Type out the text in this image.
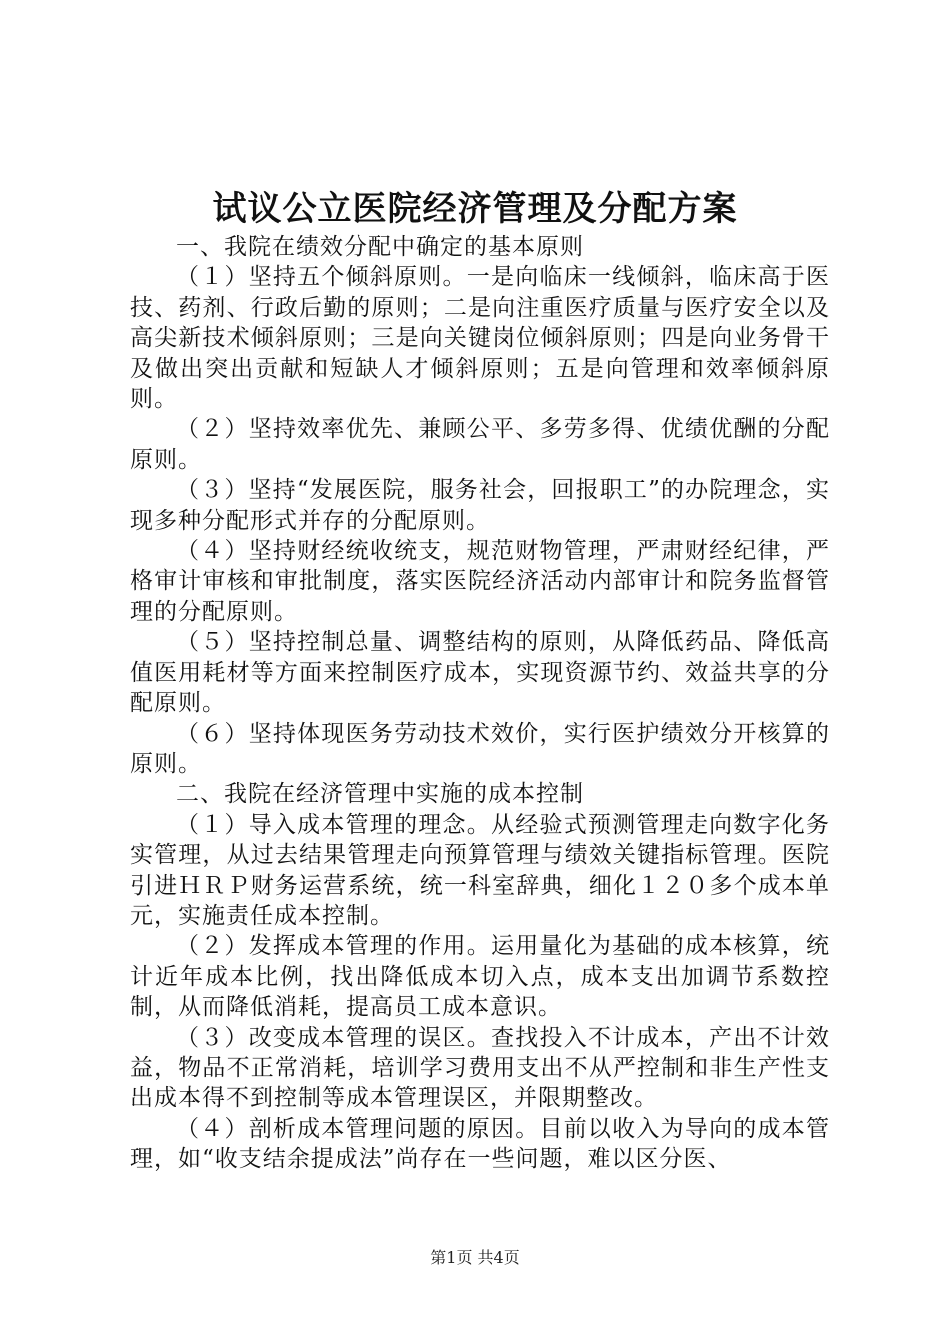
试议公立医院经济管理及分配方案

一、我院在绩效分配中确定的基本原则

（１）坚持五个倾斜原则。一是向临床一线倾斜，临床高于医技、药剂、行政后勤的原则；二是向注重医疗质量与医疗安全以及高尖新技术倾斜原则；三是向关键岗位倾斜原则；四是向业务骨干及做出突出贡献和短缺人才倾斜原则；五是向管理和效率倾斜原则。

（２）坚持效率优先、兼顾公平、多劳多得、优绩优酬的分配原则。

（３）坚持“发展医院，服务社会，回报职工”的办院理念，实现多种分配形式并存的分配原则。

（４）坚持财经统收统支，规范财物管理，严肃财经纪律，严格审计审核和审批制度，落实医院经济活动内部审计和院务监督管理的分配原则。

（５）坚持控制总量、调整结构的原则，从降低药品、降低高值医用耗材等方面来控制医疗成本，实现资源节约、效益共享的分配原则。

（６）坚持体现医务劳动技术效价，实行医护绩效分开核算的原则。

二、我院在经济管理中实施的成本控制

（１）导入成本管理的理念。从经验式预测管理走向数字化务实管理，从过去结果管理走向预算管理与绩效关键指标管理。医院引进ＨＲＰ财务运营系统，统一科室辞典，细化１２０多个成本单元，实施责任成本控制。

（２）发挥成本管理的作用。运用量化为基础的成本核算，统计近年成本比例，找出降低成本切入点，成本支出加调节系数控制，从而降低消耗，提高员工成本意识。

（３）改变成本管理的误区。查找投入不计成本，产出不计效益，物品不正常消耗，培训学习费用支出不从严控制和非生产性支出成本得不到控制等成本管理误区，并限期整改。

（４）剖析成本管理问题的原因。目前以收入为导向的成本管理，如“收支结余提成法”尚存在一些问题，难以区分医、

第1页 共4页
